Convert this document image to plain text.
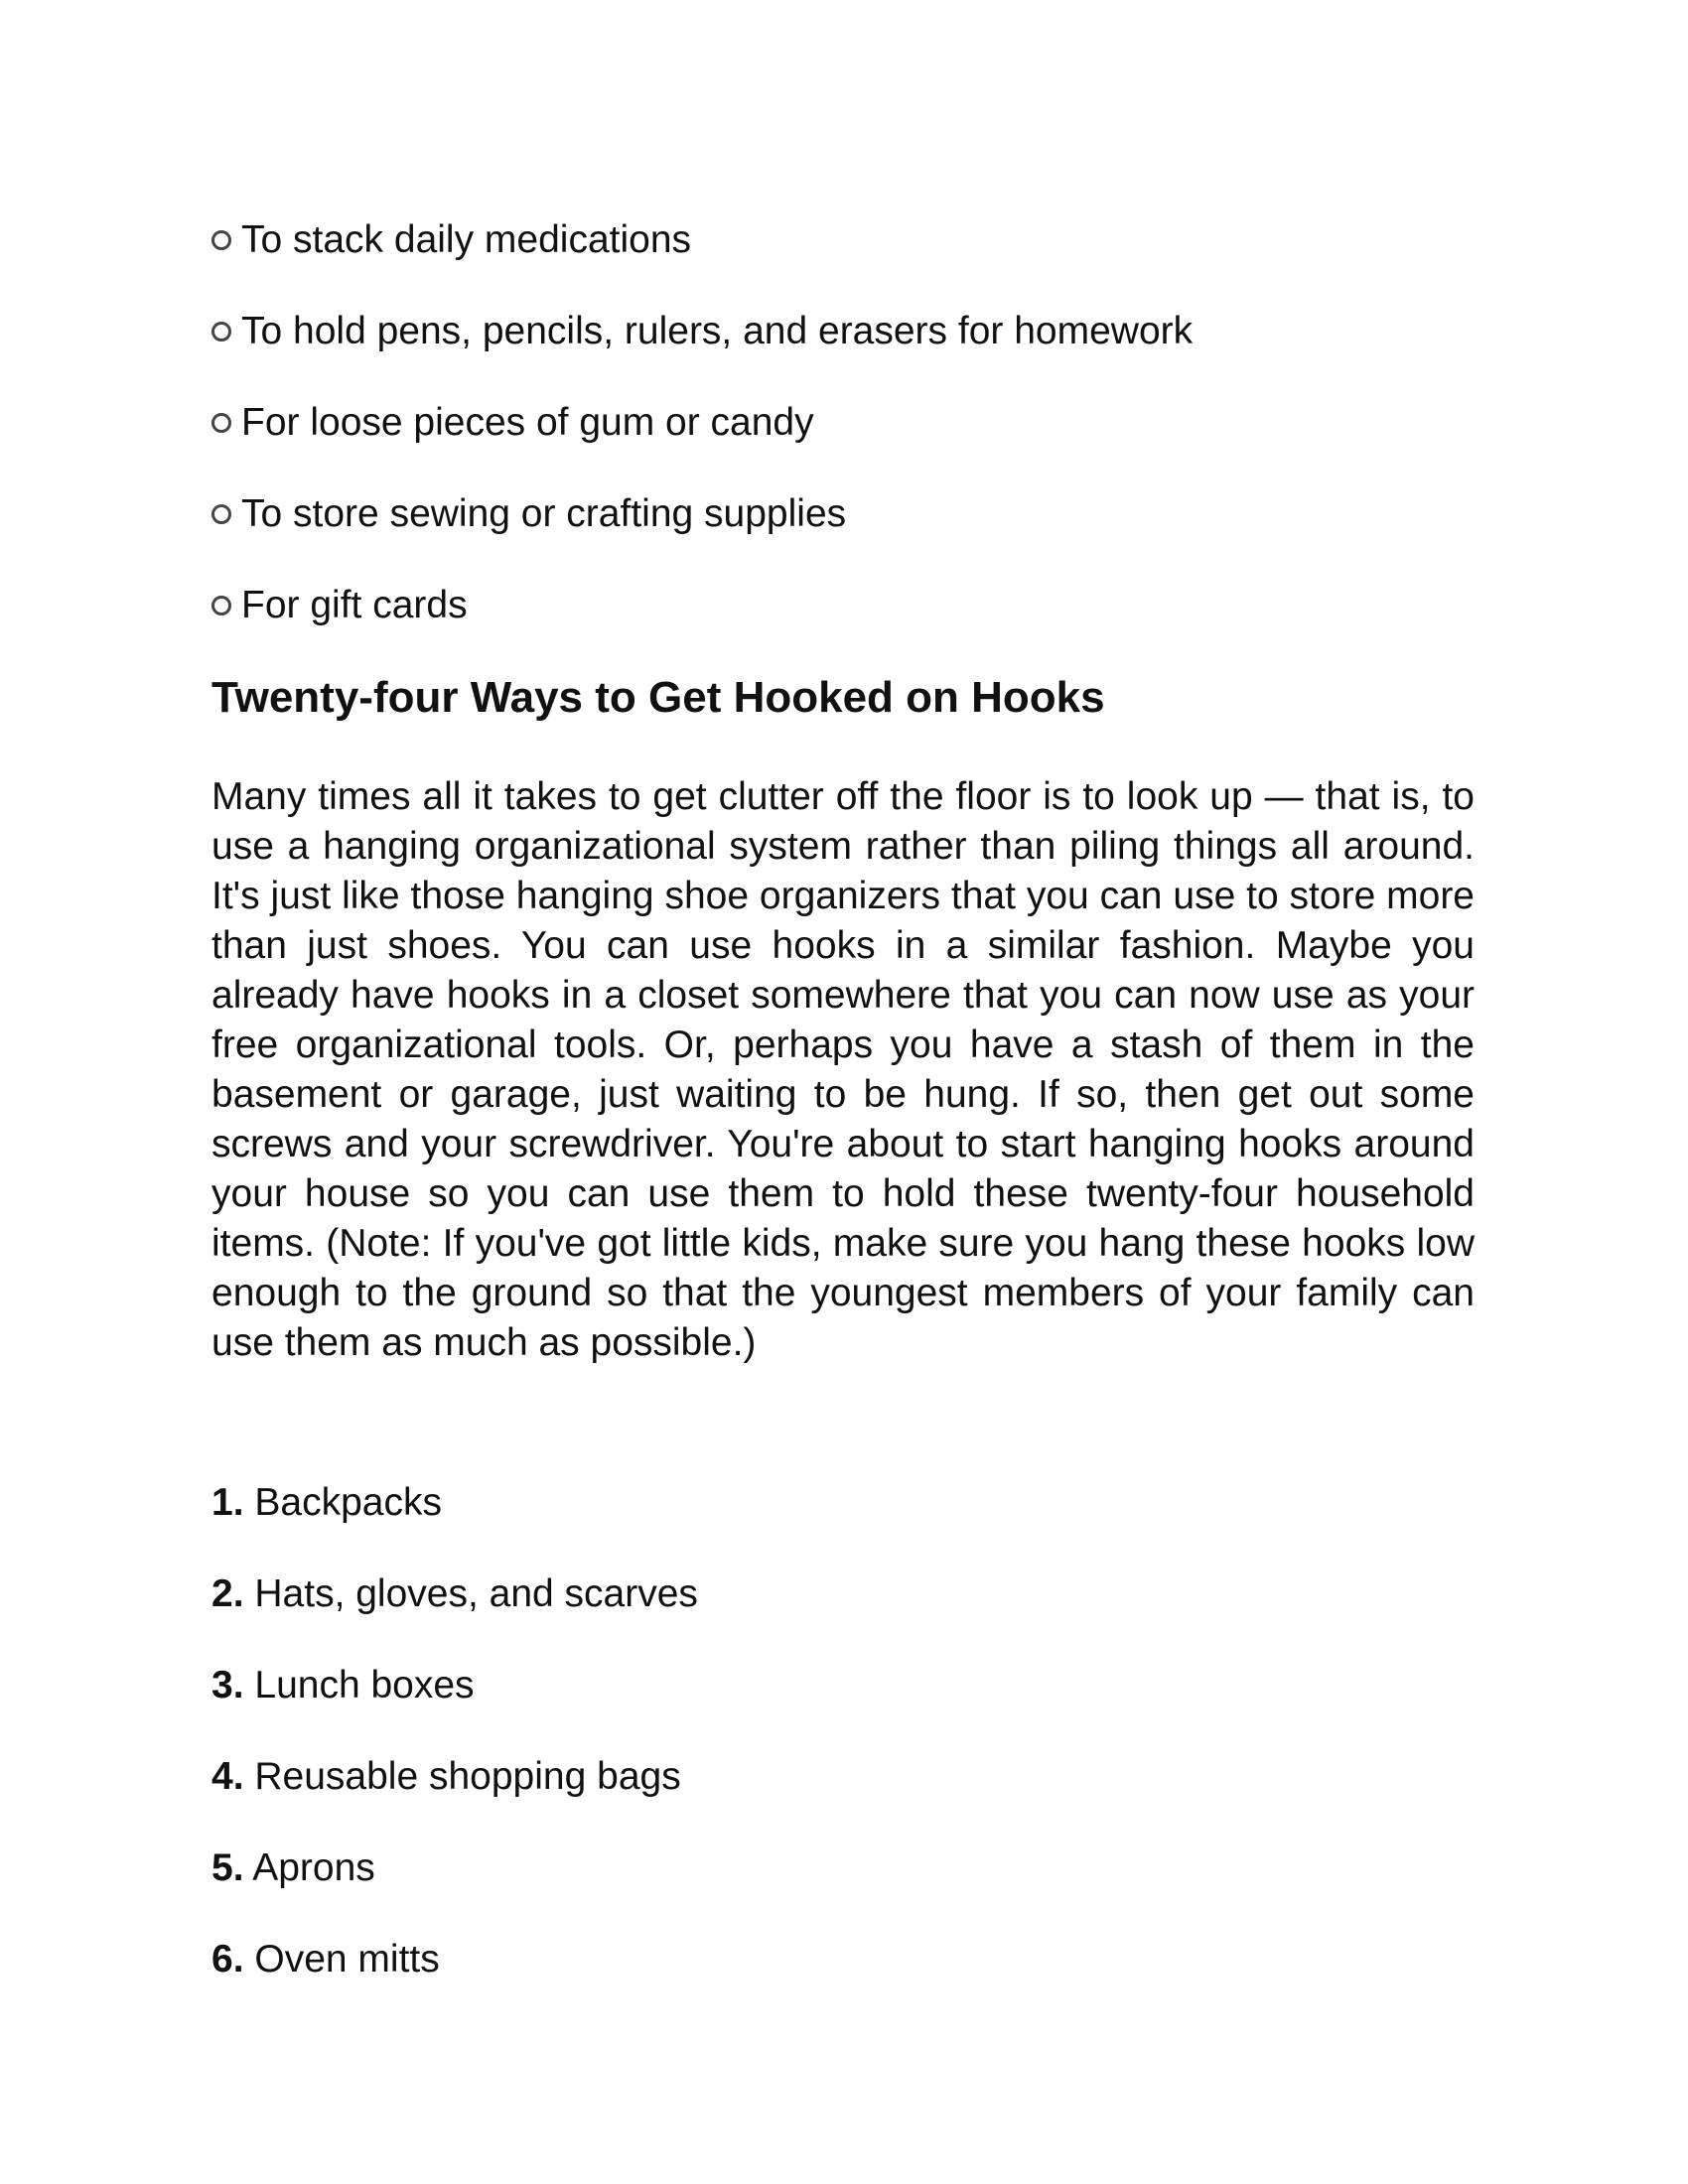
To stack daily medications
To hold pens, pencils, rulers, and erasers for homework
For loose pieces of gum or candy
To store sewing or crafting supplies
For gift cards
Twenty-four Ways to Get Hooked on Hooks

Many times all it takes to get clutter off the floor is to look up — that is, to use a hanging organizational system rather than piling things all around. It's just like those hanging shoe organizers that you can use to store more than just shoes. You can use hooks in a similar fashion. Maybe you already have hooks in a closet somewhere that you can now use as your free organizational tools. Or, perhaps you have a stash of them in the basement or garage, just waiting to be hung. If so, then get out some screws and your screwdriver. You're about to start hanging hooks around your house so you can use them to hold these twenty-four household items. (Note: If you've got little kids, make sure you hang these hooks low enough to the ground so that the youngest members of your family can use them as much as possible.)

1. Backpacks
2. Hats, gloves, and scarves
3. Lunch boxes
4. Reusable shopping bags
5. Aprons
6. Oven mitts
